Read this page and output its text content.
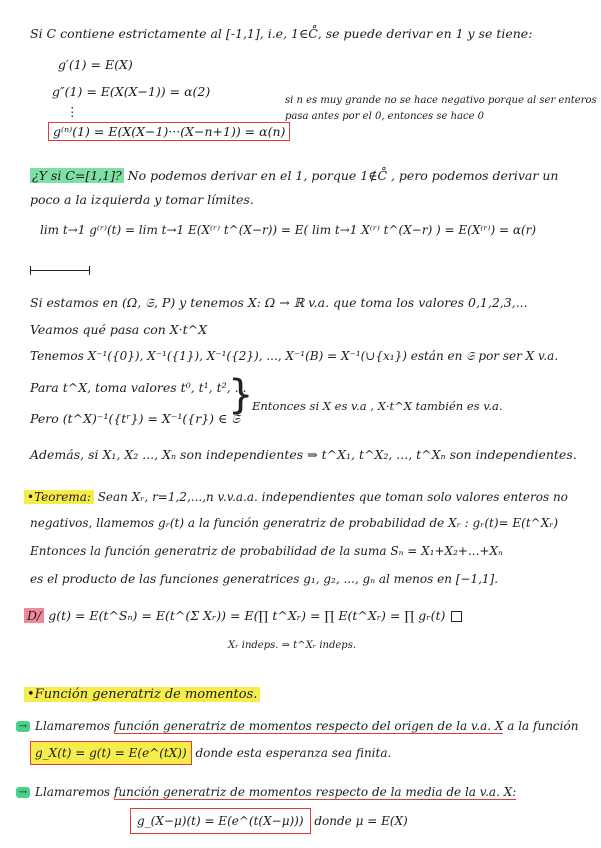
Si C contiene estrictamente al [-1,1], i.e, 1∈C̊, se puede derivar en 1 y se tiene:
g′(1) = E(X)
g″(1) = E(X(X−1)) = α(2)
⋮
g⁽ⁿ⁾(1) = E(X(X−1)···(X−n+1)) = α(n)
si n es muy grande no se hace negativo porque al ser enteros
pasa antes por el 0, entonces se hace 0
¿Y si C=[1,1]? No podemos derivar en el 1, porque 1∉C̊ , pero podemos derivar un
poco a la izquierda y tomar límites.
lim t→1 g⁽ʳ⁾(t) = lim t→1 E(X⁽ʳ⁾ t^(X−r)) = E( lim t→1 X⁽ʳ⁾ t^(X−r) ) = E(X⁽ʳ⁾) = α(r)
Si estamos en (Ω, 𝔖, P) y tenemos X: Ω → ℝ v.a. que toma los valores 0,1,2,3,...
Veamos qué pasa con X·t^X
Tenemos X⁻¹({0}), X⁻¹({1}), X⁻¹({2}), ..., X⁻¹(B) = X⁻¹(∪{x₁}) están en 𝔖 por ser X v.a.
Para t^X, toma valores t⁰, t¹, t², ...
Pero (t^X)⁻¹({tʳ}) = X⁻¹({r}) ∈ 𝔖
}
Entonces si X es v.a , X·t^X también es v.a.
Además, si X₁, X₂ ..., Xₙ son independientes ⇒ t^X₁, t^X₂, ..., t^Xₙ son independientes.
•Teorema: Sean Xᵣ, r=1,2,...,n v.v.a.a. independientes que toman solo valores enteros no
negativos, llamemos gᵣ(t) a la función generatriz de probabilidad de Xᵣ : gᵣ(t)= E(t^Xᵣ)
Entonces la función generatriz de probabilidad de la suma Sₙ = X₁+X₂+...+Xₙ
es el producto de las funciones generatrices g₁, g₂, ..., gₙ al menos en [−1,1].
D/ g(t) = E(t^Sₙ) = E(t^(Σ Xᵣ)) = E(∏ t^Xᵣ) = ∏ E(t^Xᵣ) = ∏ gᵣ(t)
Xᵣ indeps. ⇒ t^Xᵣ indeps.
•Función generatriz de momentos.
→ Llamaremos función generatriz de momentos respecto del origen de la v.a. X a la función
g_X(t) = g(t) = E(e^(tX)) donde esta esperanza sea finita.
→ Llamaremos función generatriz de momentos respecto de la media de la v.a. X:
g_(X−μ)(t) = E(e^(t(X−μ))) donde μ = E(X)
